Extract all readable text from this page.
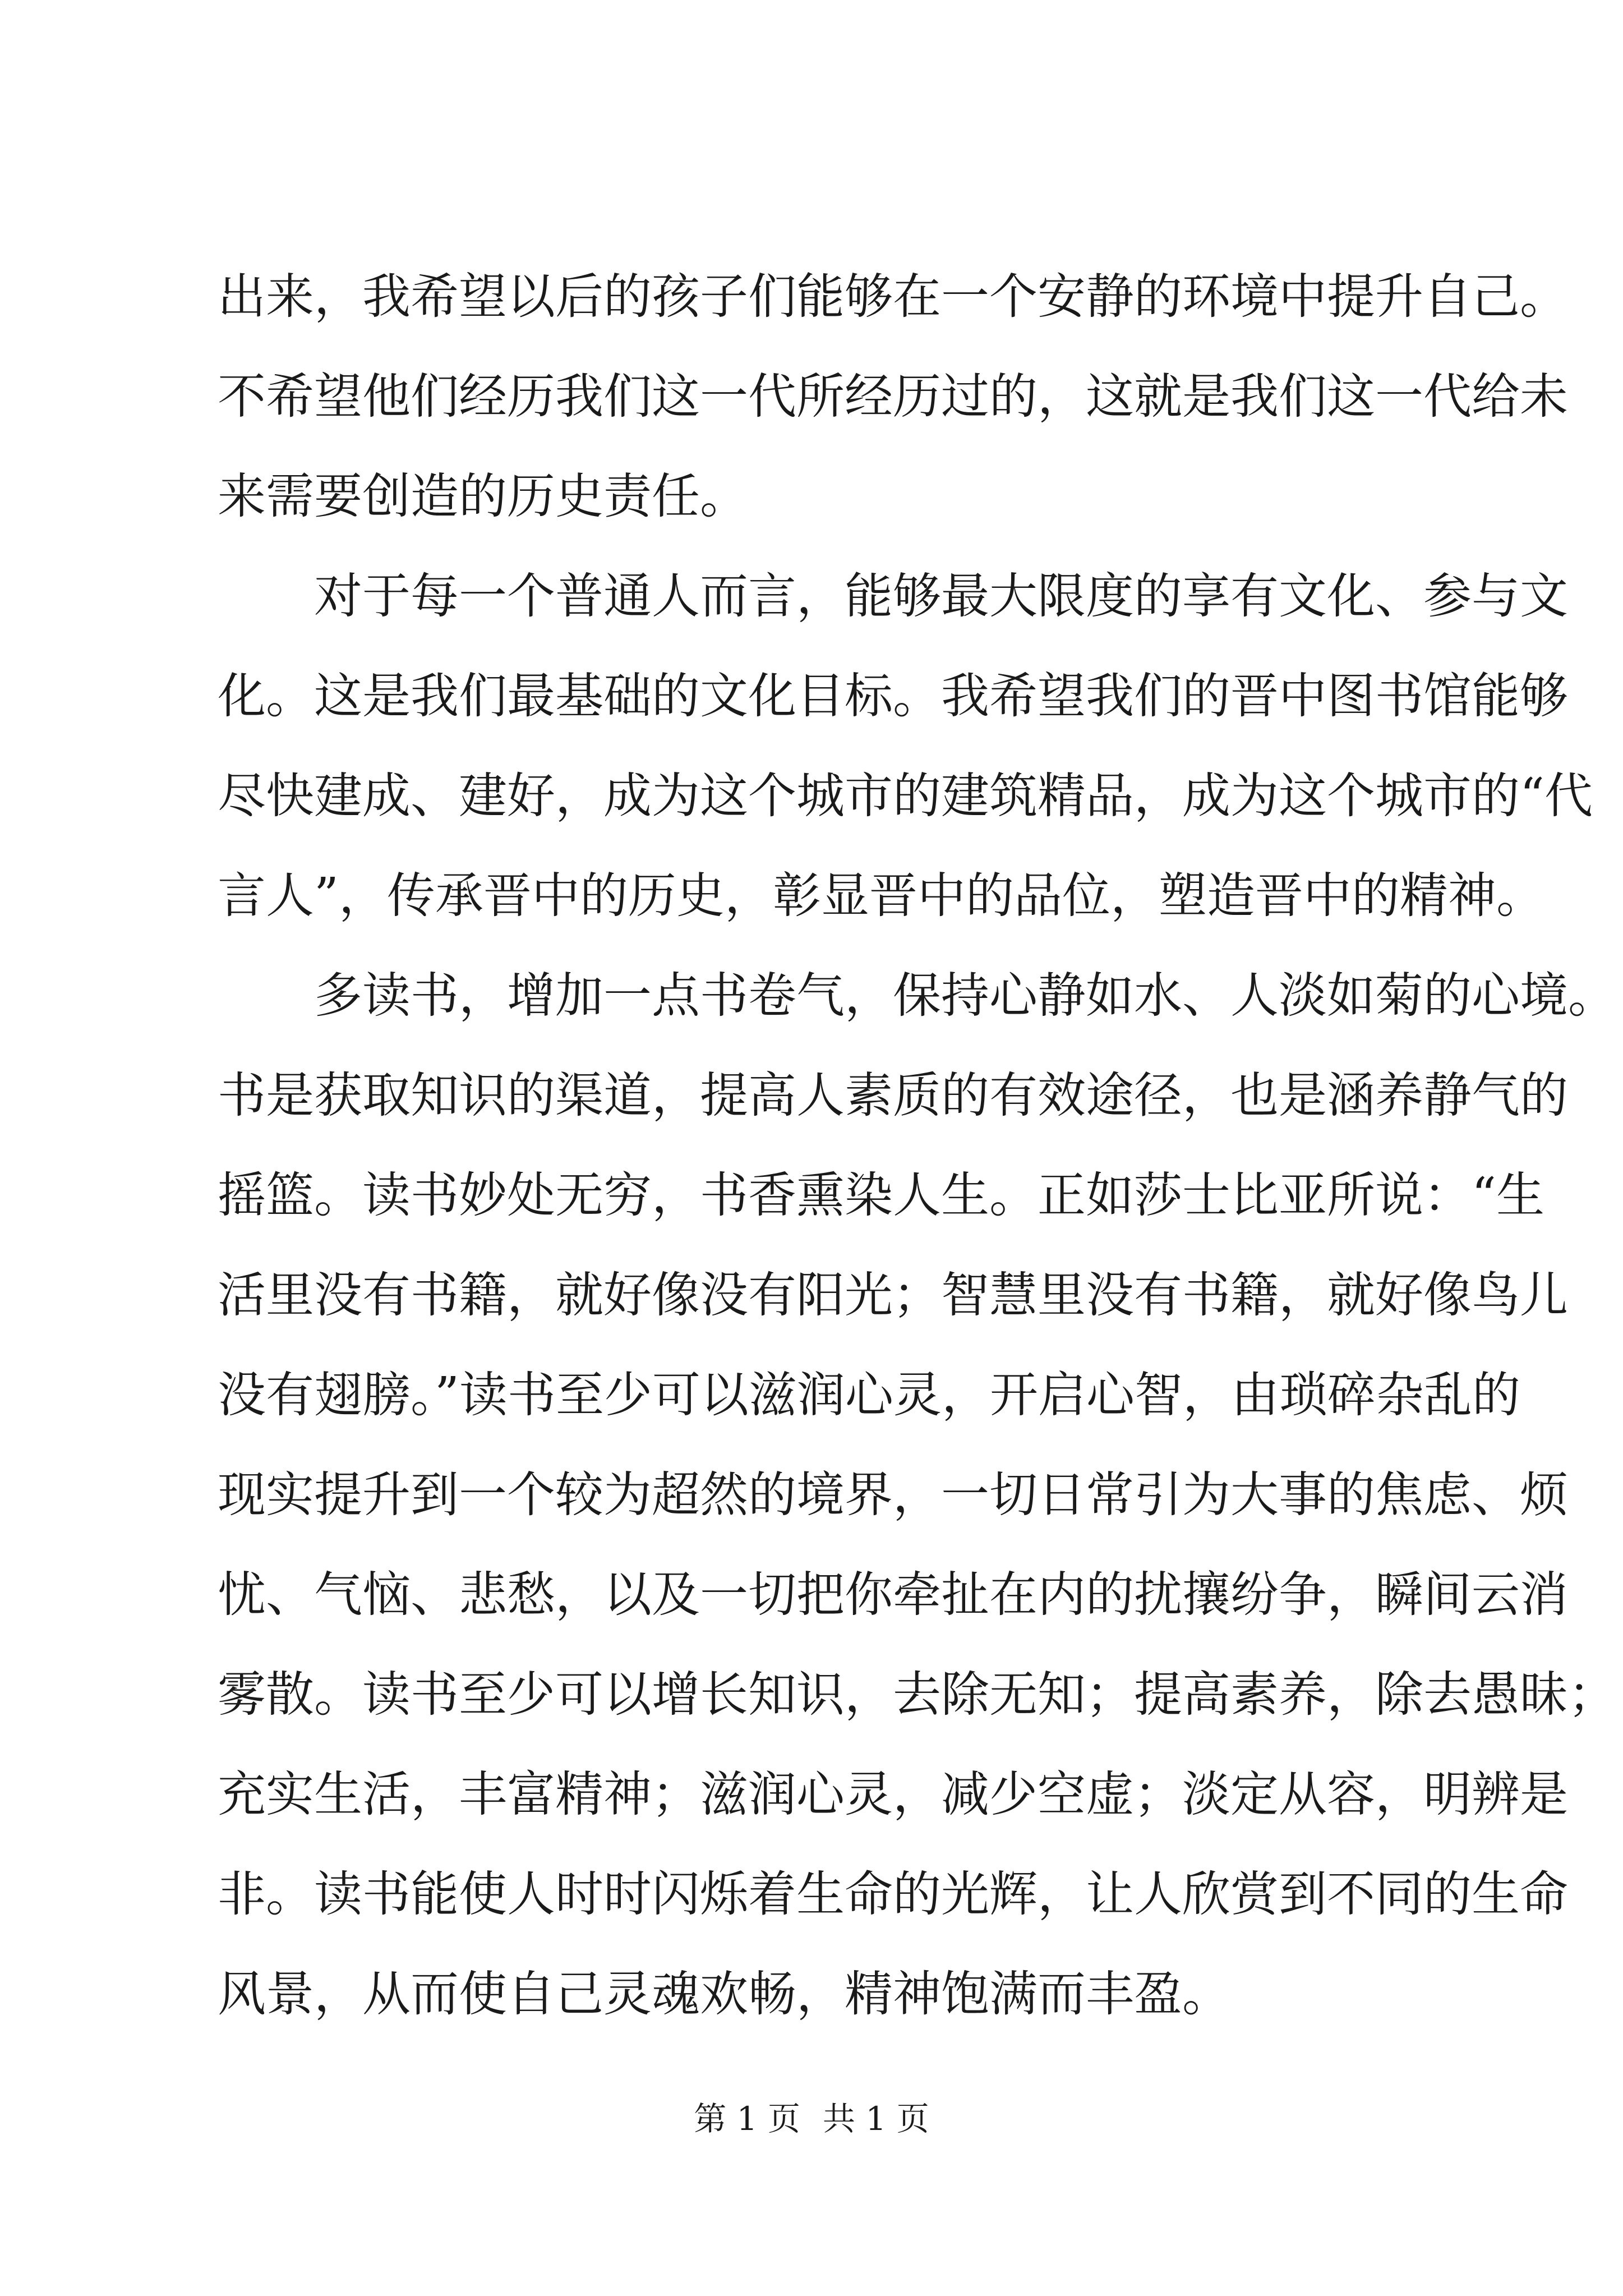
出来，我希望以后的孩子们能够在一个安静的环境中提升自己。
不希望他们经历我们这一代所经历过的，这就是我们这一代给未
来需要创造的历史责任。
对于每一个普通人而言，能够最大限度的享有文化、参与文
化。这是我们最基础的文化目标。我希望我们的晋中图书馆能够
尽快建成、建好，成为这个城市的建筑精品，成为这个城市的“代
言人”，传承晋中的历史，彰显晋中的品位，塑造晋中的精神。
多读书，增加一点书卷气，保持心静如水、人淡如菊的心境。
书是获取知识的渠道，提高人素质的有效途径，也是涵养静气的
摇篮。读书妙处无穷，书香熏染人生。正如莎士比亚所说：“生
活里没有书籍，就好像没有阳光；智慧里没有书籍，就好像鸟儿
没有翅膀。”读书至少可以滋润心灵，开启心智，由琐碎杂乱的
现实提升到一个较为超然的境界，一切日常引为大事的焦虑、烦
忧、气恼、悲愁，以及一切把你牵扯在内的扰攘纷争，瞬间云消
雾散。读书至少可以增长知识，去除无知；提高素养，除去愚昧；
充实生活，丰富精神；滋润心灵，减少空虚；淡定从容，明辨是
非。读书能使人时时闪烁着生命的光辉，让人欣赏到不同的生命
风景，从而使自己灵魂欢畅，精神饱满而丰盈。
第 1 页 共 1 页
